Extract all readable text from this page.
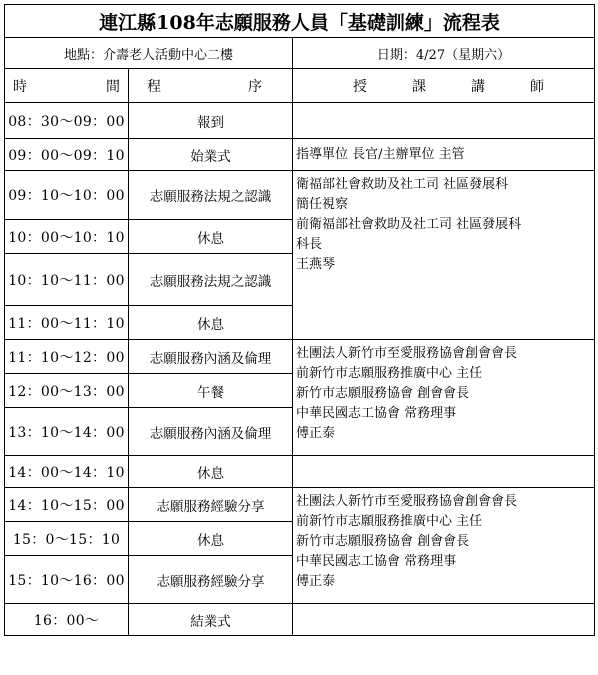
連江縣108年志願服務人員「基礎訓練」流程表		
地點：介壽老人活動中心二樓		日期：4/27（星期六）

時 間	程 序	授 課 講 師

08：30～09：00	報到	
09：00～09：10	始業式	指導單位 長官/主辦單位 主管

09：10～10：00	志願服務法規之認識	衛福部社會救助及社工司 社區發展科
簡任視察
前衛福部社會救助及社工司 社區發展科
科長
王燕琴

10：00～10：10	休息	
10：10～11：00	志願服務法規之認識	
11：00～11：10	休息	
11：10～12：00	志願服務內涵及倫理	社團法人新竹市至愛服務協會創會會長
前新竹市志願服務推廣中心 主任
新竹市志願服務協會 創會會長
中華民國志工協會 常務理事
傅正泰

12：00～13：00	午餐	
13：10～14：00	志願服務內涵及倫理	
14：00～14：10	休息	
14：10～15：00	志願服務經驗分享	社團法人新竹市至愛服務協會創會會長
前新竹市志願服務推廣中心 主任
新竹市志願服務協會 創會會長
中華民國志工協會 常務理事
傅正泰

15：0～15：10	休息	
15：10～16：00	志願服務經驗分享	
16：00～	結業式	
